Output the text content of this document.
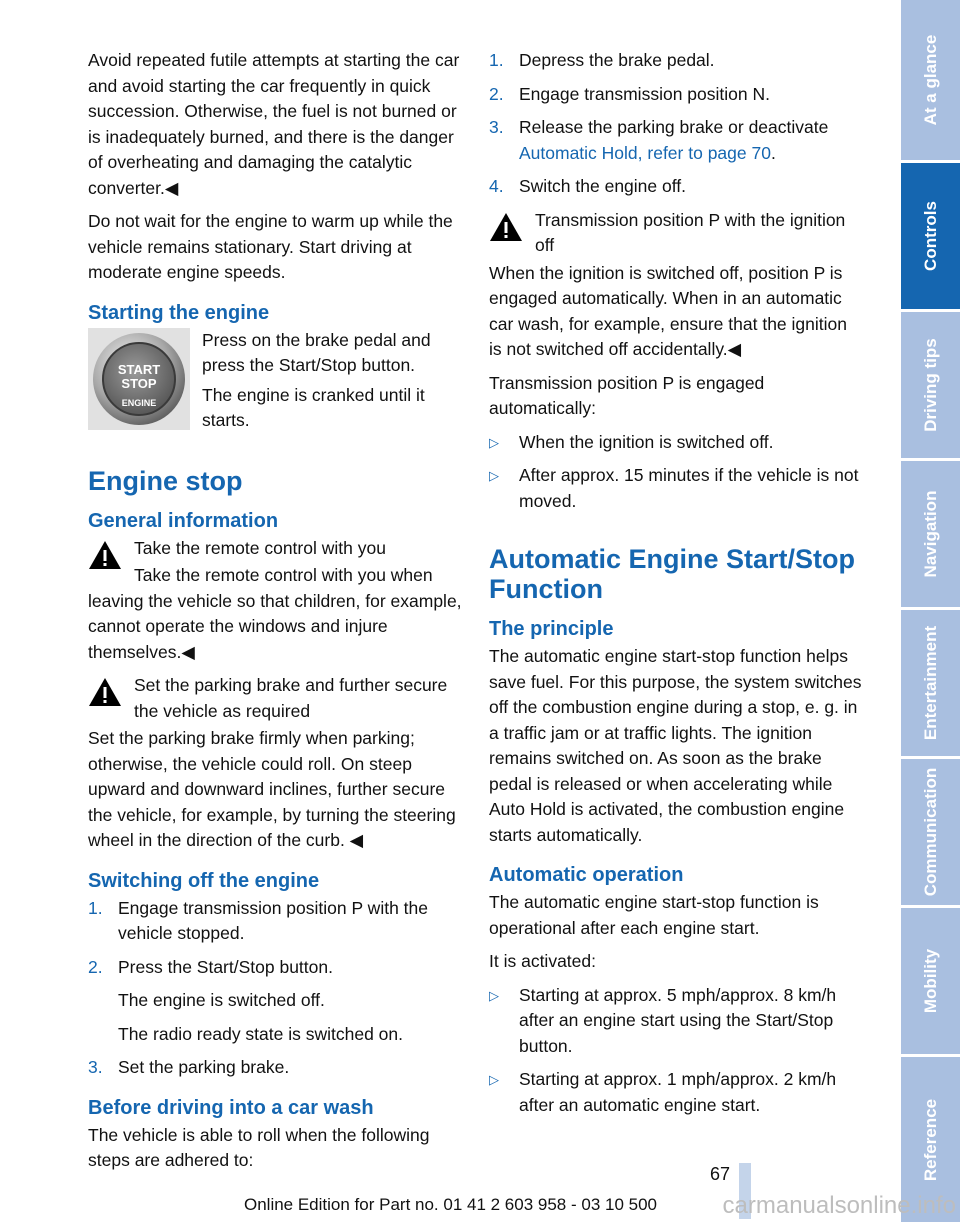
Avoid repeated futile attempts at starting the car and avoid starting the car frequently in quick succession. Otherwise, the fuel is not burned or is inadequately burned, and there is the danger of overheating and damaging the catalytic converter.◀

Do not wait for the engine to warm up while the vehicle remains stationary. Start driving at moderate engine speeds.

Starting the engine
START
STOP
ENGINE

Press on the brake pedal and press the Start/Stop button.

The engine is cranked until it starts.

Engine stop
General information
Take the remote control with you

Take the remote control with you when leaving the vehicle so that children, for example, cannot operate the windows and injure themselves.◀

Set the parking brake and further secure the vehicle as required

Set the parking brake firmly when parking; otherwise, the vehicle could roll. On steep upward and downward inclines, further secure the vehicle, for example, by turning the steering wheel in the direction of the curb. ◀

Switching off the engine
1. Engage transmission position P with the vehicle stopped.
2. Press the Start/Stop button.
The engine is switched off.
The radio ready state is switched on.
3. Set the parking brake.
Before driving into a car wash

The vehicle is able to roll when the following steps are adhered to:

1. Depress the brake pedal.
2. Engage transmission position N.
3. Release the parking brake or deactivate Automatic Hold, refer to page 70.
4. Switch the engine off.
Transmission position P with the ignition off

When the ignition is switched off, position P is engaged automatically. When in an automatic car wash, for example, ensure that the ignition is not switched off accidentally.◀

Transmission position P is engaged automatically:

▷ When the ignition is switched off.
▷ After approx. 15 minutes if the vehicle is not moved.
Automatic Engine Start/Stop Function
The principle

The automatic engine start-stop function helps save fuel. For this purpose, the system switches off the combustion engine during a stop, e. g. in a traffic jam or at traffic lights. The ignition remains switched on. As soon as the brake pedal is released or when accelerating while Auto Hold is activated, the combustion engine starts automatically.

Automatic operation

The automatic engine start-stop function is operational after each engine start.

It is activated:

▷ Starting at approx. 5 mph/approx. 8 km/h after an engine start using the Start/Stop button.
▷ Starting at approx. 1 mph/approx. 2 km/h after an automatic engine start.
At a glance
Controls
Driving tips
Navigation
Entertainment
Communication
Mobility
Reference
67
Online Edition for Part no. 01 41 2 603 958 - 03 10 500	carmanualsonline.info
